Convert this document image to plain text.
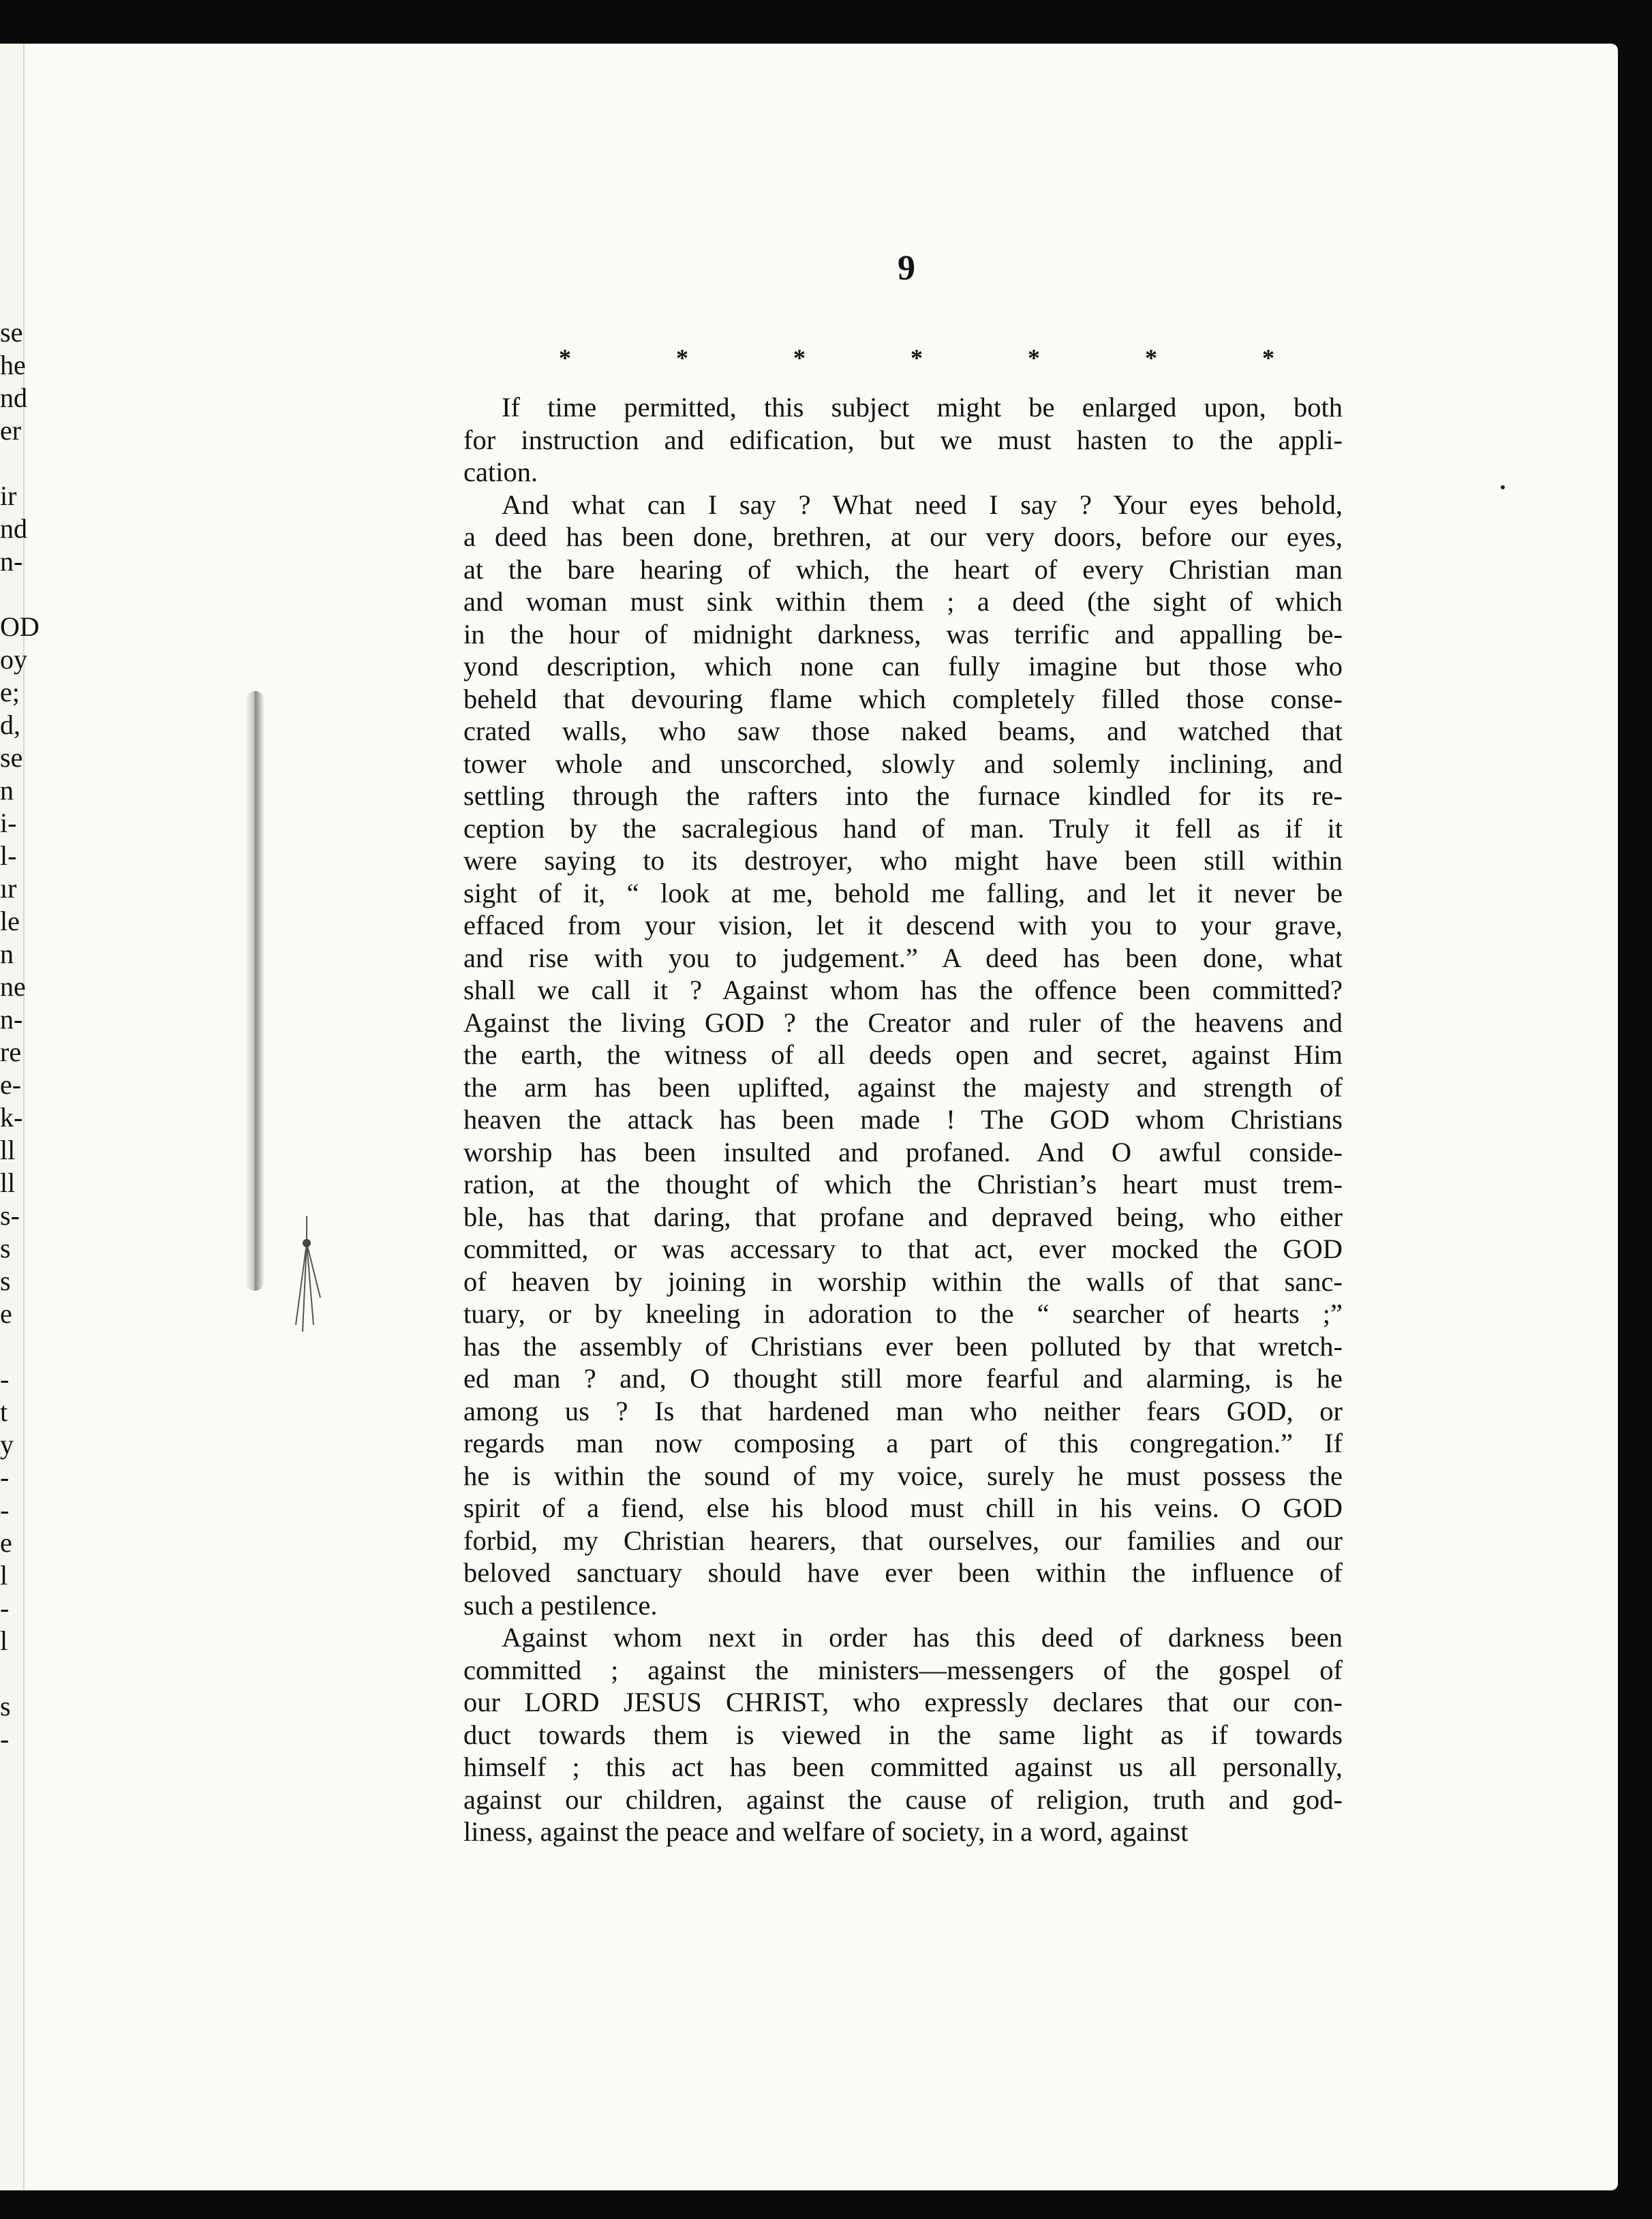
se
he
nd
er
ir
nd
n-
OD
oy
e;
d,
se
n
i-
l-
ır
le
n
ne
n-
re
e-
k-
ll
ll
s-
s
s
e
-
t
y
-
-
e
l
-
l
s
-
9
*	*	*	*	*	*	*
If time permitted, this subject might be enlarged upon, both
for instruction and edification, but we must hasten to the appli-
cation.
And what can I say ? What need I say ? Your eyes behold,
a deed has been done, brethren, at our very doors, before our eyes,
at the bare hearing of which, the heart of every Christian man
and woman must sink within them ; a deed (the sight of which
in the hour of midnight darkness, was terrific and appalling be-
yond description, which none can fully imagine but those who
beheld that devouring flame which completely filled those conse-
crated walls, who saw those naked beams, and watched that
tower whole and unscorched, slowly and solemly inclining, and
settling through the rafters into the furnace kindled for its re-
ception by the sacralegious hand of man. Truly it fell as if it
were saying to its destroyer, who might have been still within
sight of it, “ look at me, behold me falling, and let it never be
effaced from your vision, let it descend with you to your grave,
and rise with you to judgement.” A deed has been done, what
shall we call it ? Against whom has the offence been committed?
Against the living GOD ? the Creator and ruler of the heavens and
the earth, the witness of all deeds open and secret, against Him
the arm has been uplifted, against the majesty and strength of
heaven the attack has been made ! The GOD whom Christians
worship has been insulted and profaned. And O awful conside-
ration, at the thought of which the Christian’s heart must trem-
ble, has that daring, that profane and depraved being, who either
committed, or was accessary to that act, ever mocked the GOD
of heaven by joining in worship within the walls of that sanc-
tuary, or by kneeling in adoration to the “ searcher of hearts ;”
has the assembly of Christians ever been polluted by that wretch-
ed man ? and, O thought still more fearful and alarming, is he
among us ? Is that hardened man who neither fears GOD, or
regards man now composing a part of this congregation.” If
he is within the sound of my voice, surely he must possess the
spirit of a fiend, else his blood must chill in his veins. O GOD
forbid, my Christian hearers, that ourselves, our families and our
beloved sanctuary should have ever been within the influence of
such a pestilence.
Against whom next in order has this deed of darkness been
committed ; against the ministers—messengers of the gospel of
our LORD JESUS CHRIST, who expressly declares that our con-
duct towards them is viewed in the same light as if towards
himself ; this act has been committed against us all personally,
against our children, against the cause of religion, truth and god-
liness, against the peace and welfare of society, in a word, against
